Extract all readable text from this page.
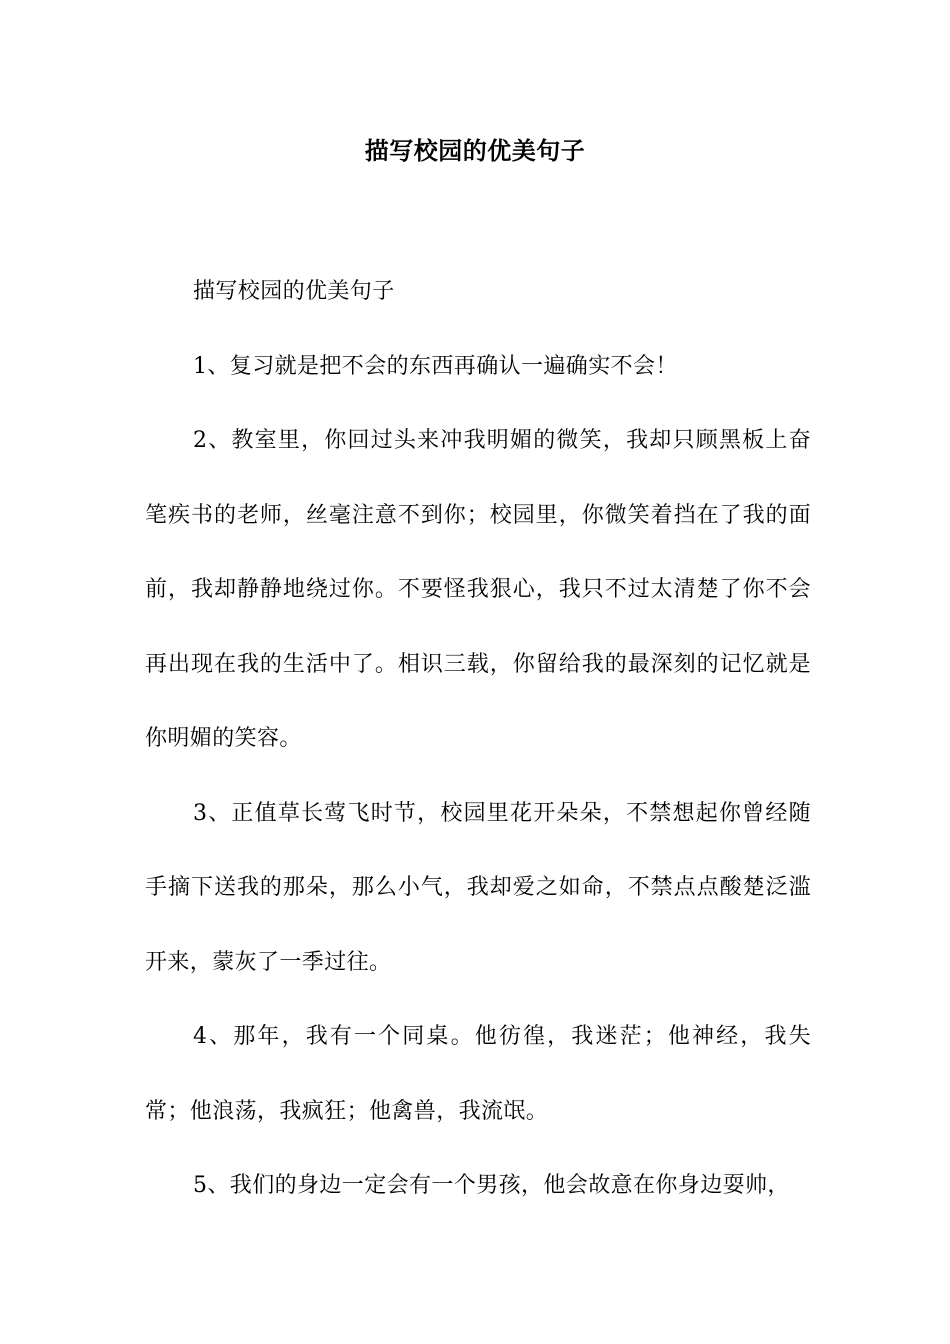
描写校园的优美句子

描写校园的优美句子

1、复习就是把不会的东西再确认一遍确实不会！

2、教室里，你回过头来冲我明媚的微笑，我却只顾黑板上奋笔疾书的老师，丝毫注意不到你；校园里，你微笑着挡在了我的面前，我却静静地绕过你。不要怪我狠心，我只不过太清楚了你不会再出现在我的生活中了。相识三载，你留给我的最深刻的记忆就是你明媚的笑容。

3、正值草长莺飞时节，校园里花开朵朵，不禁想起你曾经随手摘下送我的那朵，那么小气，我却爱之如命，不禁点点酸楚泛滥开来，蒙灰了一季过往。

4、那年，我有一个同桌。他彷徨，我迷茫；他神经，我失常；他浪荡，我疯狂；他禽兽，我流氓。

5、我们的身边一定会有一个男孩，他会故意在你身边耍帅，
